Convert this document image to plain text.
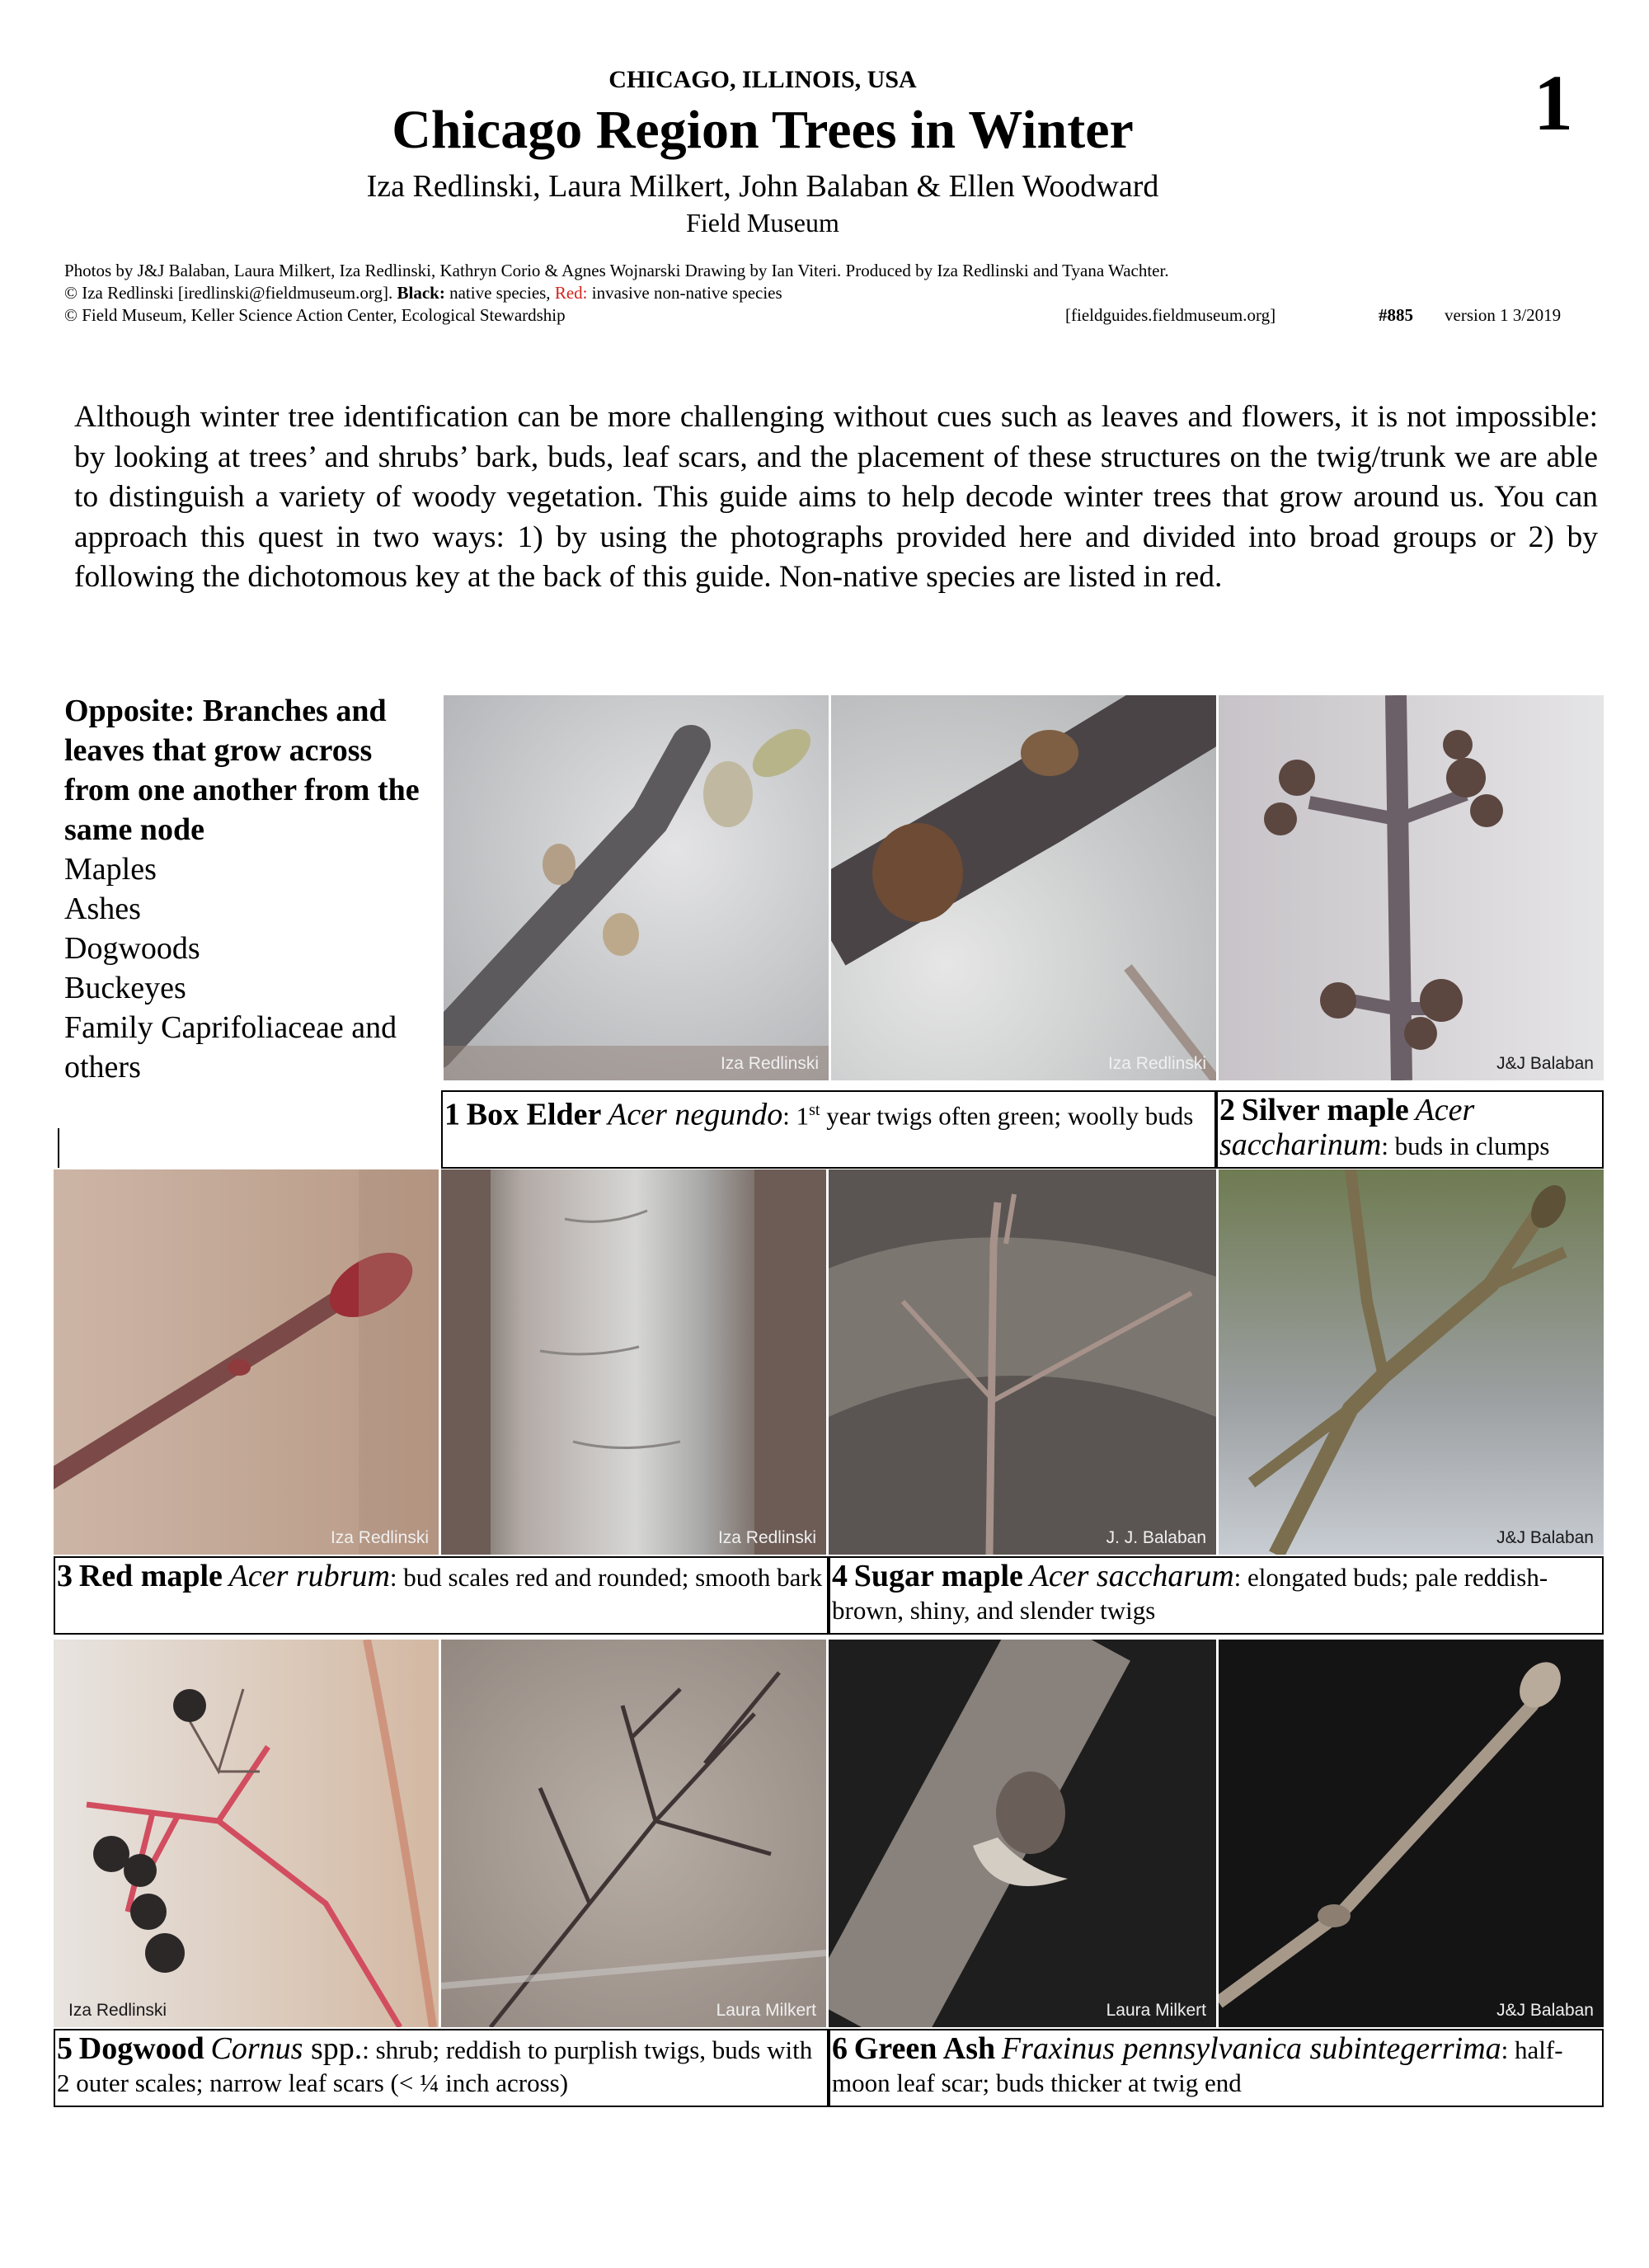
CHICAGO, ILLINOIS, USA
Chicago Region Trees in Winter
Iza Redlinski, Laura Milkert, John Balaban & Ellen Woodward
Field Museum
1
Photos by J&J Balaban, Laura Milkert, Iza Redlinski, Kathryn Corio & Agnes Wojnarski Drawing by Ian Viteri. Produced by Iza Redlinski and Tyana Wachter.
© Iza Redlinski [iredlinski@fieldmuseum.org]. Black: native species, Red: invasive non-native species
© Field Museum, Keller Science Action Center, Ecological Stewardship	[fieldguides.fieldmuseum.org]	#885 version 1 3/2019
Although winter tree identification can be more challenging without cues such as leaves and flowers, it is not impossible: by looking at trees’ and shrubs’ bark, buds, leaf scars, and the placement of these structures on the twig/trunk we are able to distinguish a variety of woody vegetation. This guide aims to help decode winter trees that grow around us. You can approach this quest in two ways: 1) by using the photographs provided here and divided into broad groups or 2) by following the dichotomous key at the back of this guide. Non-native species are listed in red.
Opposite: Branches and leaves that grow across from one another from the same node
Maples
Ashes
Dogwoods
Buckeyes
Family Caprifoliaceae and others	Iza Redlinski	Iza Redlinski	J&J Balaban
1 Box Elder Acer negundo: 1st year twigs often green; woolly buds 2 Silver maple Acer saccharinum: buds in clumps
Iza Redlinski	Iza Redlinski	J. J. Balaban	J&J Balaban
3 Red maple Acer rubrum: bud scales red and rounded; smooth bark 4 Sugar maple Acer saccharum: elongated buds; pale reddish-brown, shiny, and slender twigs
Iza Redlinski	Laura Milkert	Laura Milkert	J&J Balaban
5 Dogwood Cornus spp.: shrub; reddish to purplish twigs, buds with 2 outer scales; narrow leaf scars (< ¼ inch across)
6 Green Ash Fraxinus pennsylvanica subintegerrima: half-moon leaf scar; buds thicker at twig end
